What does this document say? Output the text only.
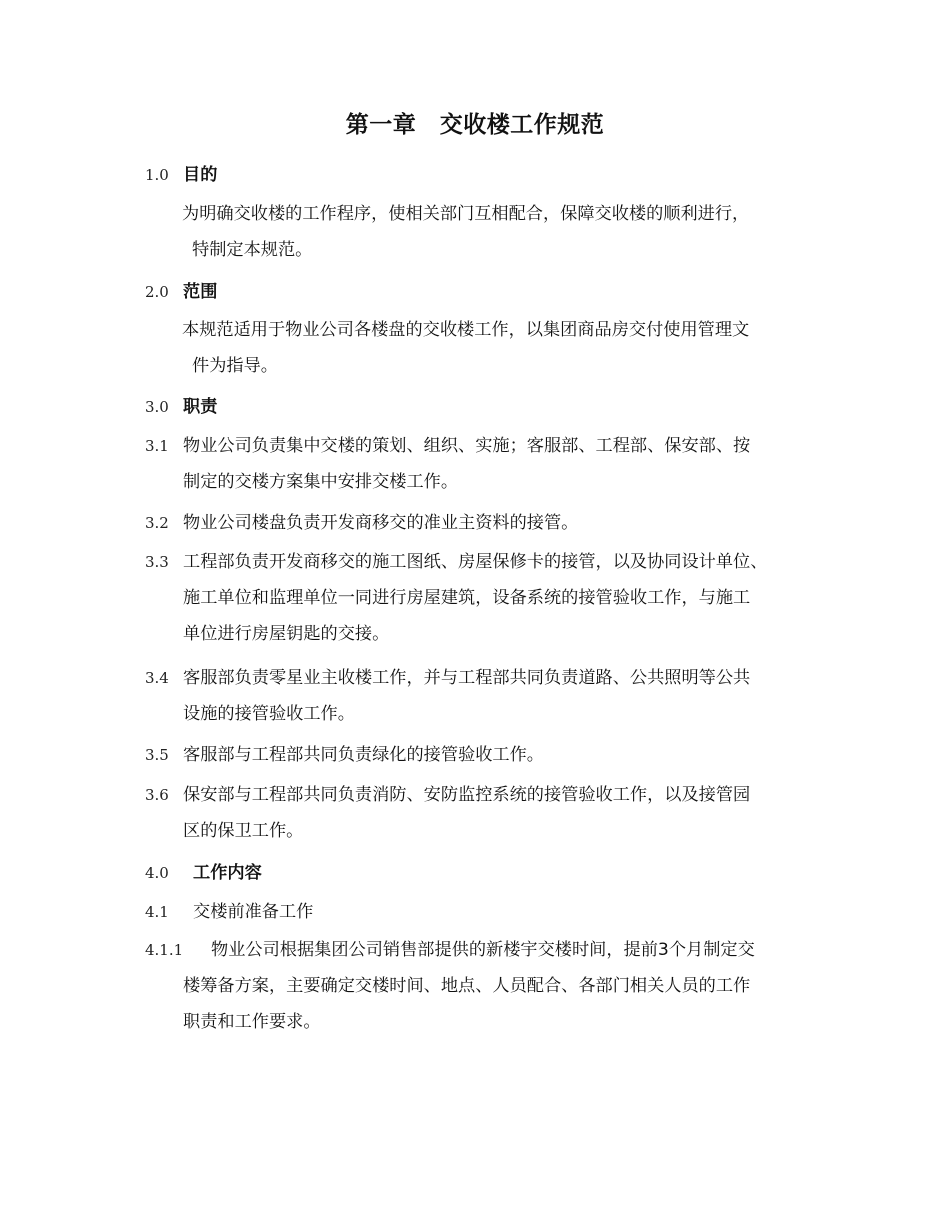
第一章　交收楼工作规范
1.0 目的
为明确交收楼的工作程序，使相关部门互相配合，保障交收楼的顺利进行，
特制定本规范。
2.0 范围
本规范适用于物业公司各楼盘的交收楼工作，以集团商品房交付使用管理文
件为指导。
3.0 职责
3.1 物业公司负责集中交楼的策划、组织、实施；客服部、工程部、保安部、按
制定的交楼方案集中安排交楼工作。
3.2 物业公司楼盘负责开发商移交的准业主资料的接管。
3.3 工程部负责开发商移交的施工图纸、房屋保修卡的接管，以及协同设计单位、
施工单位和监理单位一同进行房屋建筑，设备系统的接管验收工作，与施工
单位进行房屋钥匙的交接。
3.4 客服部负责零星业主收楼工作，并与工程部共同负责道路、公共照明等公共
设施的接管验收工作。
3.5 客服部与工程部共同负责绿化的接管验收工作。
3.6 保安部与工程部共同负责消防、安防监控系统的接管验收工作，以及接管园
区的保卫工作。
4.0 工作内容
4.1 交楼前准备工作
4.1.1 物业公司根据集团公司销售部提供的新楼宇交楼时间，提前3个月制定交
楼筹备方案，主要确定交楼时间、地点、人员配合、各部门相关人员的工作
职责和工作要求。
